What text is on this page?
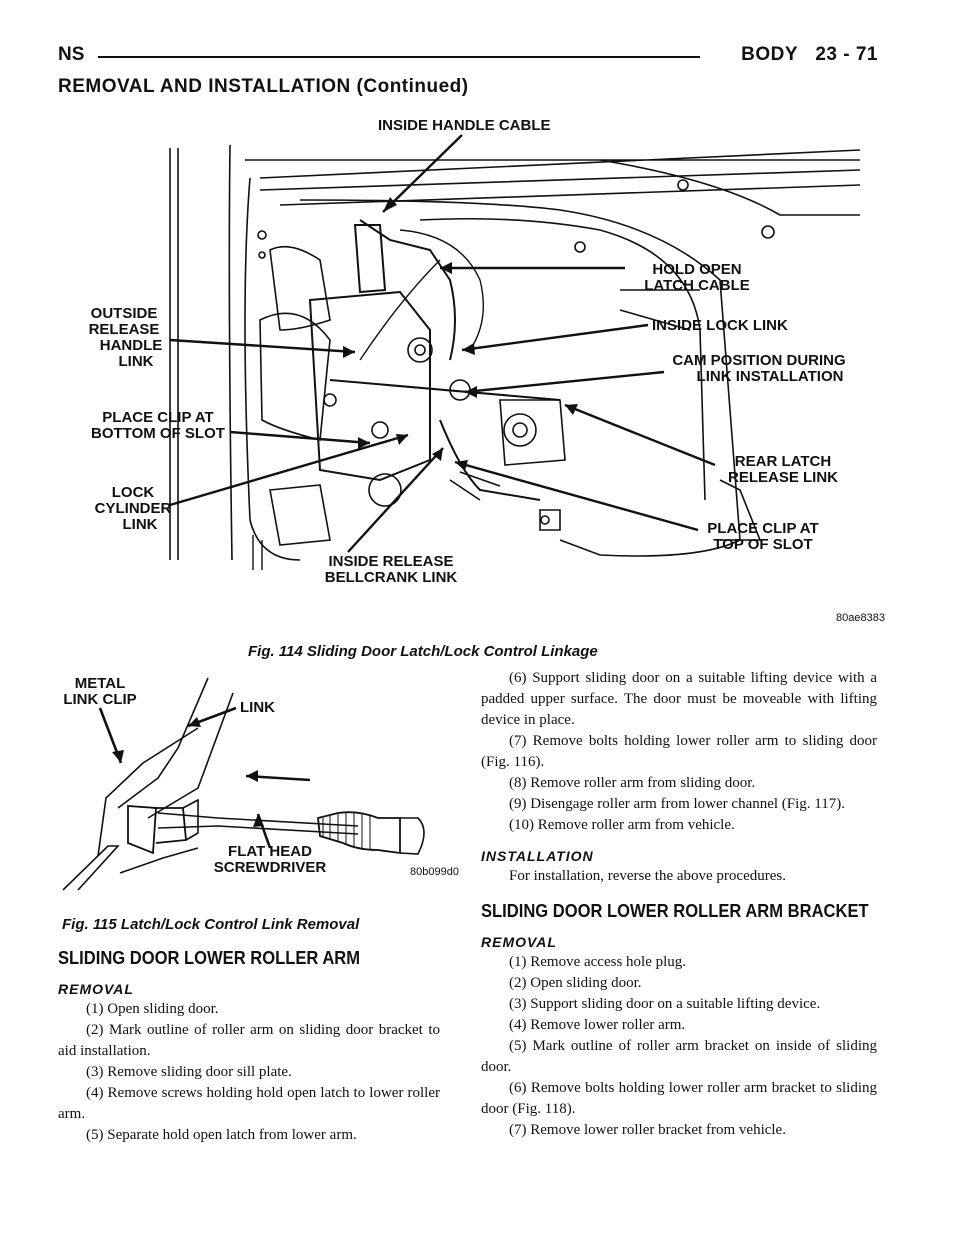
NS	BODY 23 - 71
REMOVAL AND INSTALLATION (Continued)
INSIDE HANDLE CABLE
HOLD OPEN
LATCH CABLE
OUTSIDE
RELEASE
HANDLE
LINK
INSIDE LOCK LINK
CAM POSITION DURING
LINK INSTALLATION
PLACE CLIP AT
BOTTOM OF SLOT
REAR LATCH
RELEASE LINK
LOCK
CYLINDER
LINK	PLACE CLIP AT
TOP OF SLOT
INSIDE RELEASE
BELLCRANK LINK
80ae8383
Fig. 114 Sliding Door Latch/Lock Control Linkage
METAL
LINK CLIP	LINK
FLAT HEAD
SCREWDRIVER	80b099d0
Fig. 115 Latch/Lock Control Link Removal
SLIDING DOOR LOWER ROLLER ARM
REMOVAL

(1) Open sliding door.

(2) Mark outline of roller arm on sliding door bracket to aid installation.

(3) Remove sliding door sill plate.

(4) Remove screws holding hold open latch to lower roller arm.

(5) Separate hold open latch from lower arm.

(6) Support sliding door on a suitable lifting device with a padded upper surface. The door must be moveable with lifting device in place.

(7) Remove bolts holding lower roller arm to sliding door (Fig. 116).

(8) Remove roller arm from sliding door.

(9) Disengage roller arm from lower channel (Fig. 117).

(10) Remove roller arm from vehicle.

INSTALLATION

For installation, reverse the above procedures.

SLIDING DOOR LOWER ROLLER ARM BRACKET
REMOVAL

(1) Remove access hole plug.

(2) Open sliding door.

(3) Support sliding door on a suitable lifting device.

(4) Remove lower roller arm.

(5) Mark outline of roller arm bracket on inside of sliding door.

(6) Remove bolts holding lower roller arm bracket to sliding door (Fig. 118).

(7) Remove lower roller bracket from vehicle.
